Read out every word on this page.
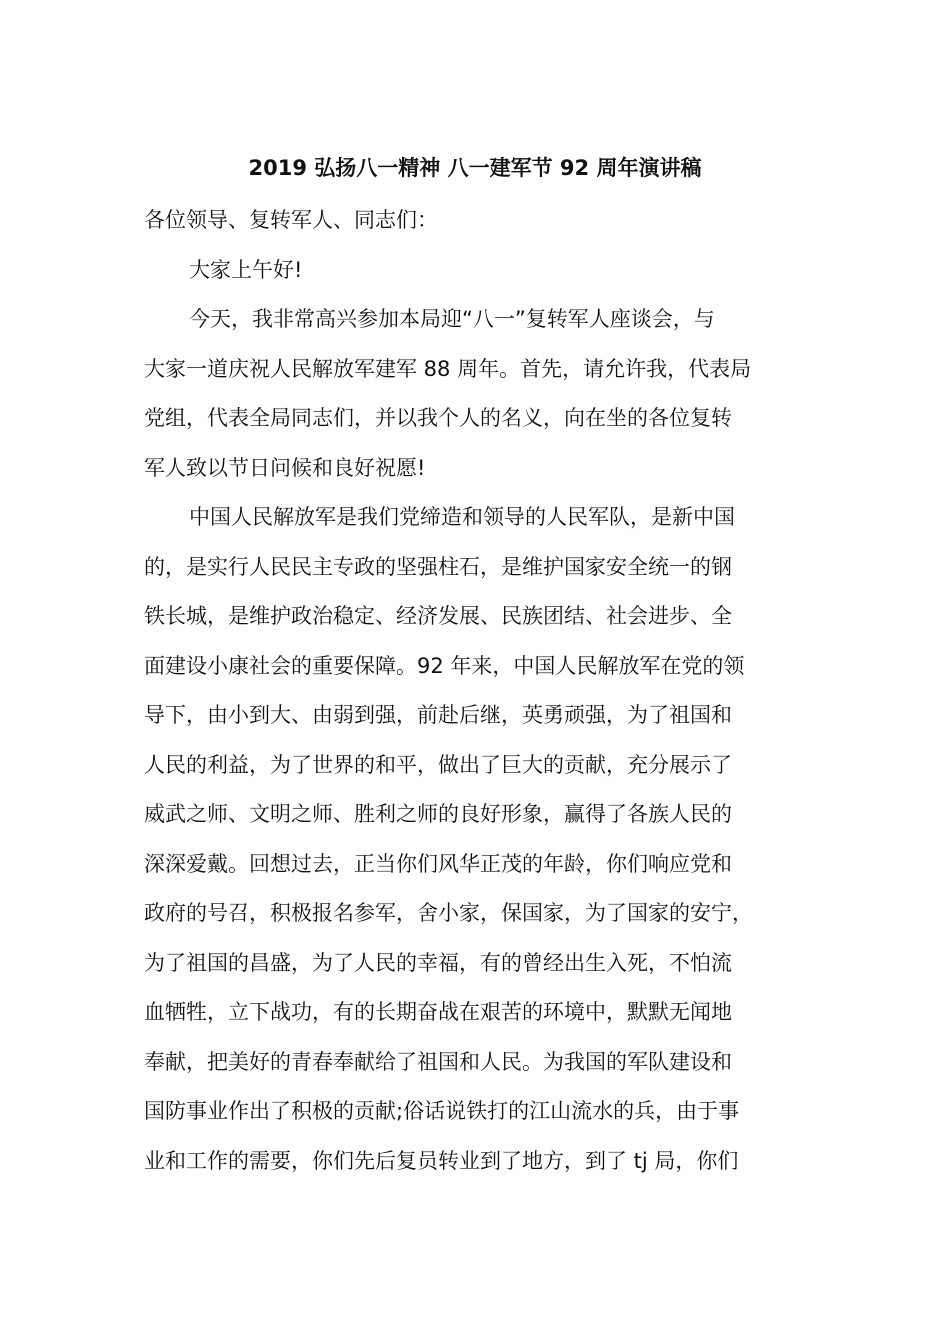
2019 弘扬八一精神 八一建军节 92 周年演讲稿
各位领导、复转军人、同志们：
大家上午好!
今天，我非常高兴参加本局迎“八一”复转军人座谈会，与
大家一道庆祝人民解放军建军 88 周年。首先，请允许我，代表局
党组，代表全局同志们，并以我个人的名义，向在坐的各位复转
军人致以节日问候和良好祝愿!
中国人民解放军是我们党缔造和领导的人民军队，是新中国
的，是实行人民民主专政的坚强柱石，是维护国家安全统一的钢
铁长城，是维护政治稳定、经济发展、民族团结、社会进步、全
面建设小康社会的重要保障。92 年来，中国人民解放军在党的领
导下，由小到大、由弱到强，前赴后继，英勇顽强，为了祖国和
人民的利益，为了世界的和平，做出了巨大的贡献，充分展示了
威武之师、文明之师、胜利之师的良好形象，赢得了各族人民的
深深爱戴。回想过去，正当你们风华正茂的年龄，你们响应党和
政府的号召，积极报名参军，舍小家，保国家，为了国家的安宁，
为了祖国的昌盛，为了人民的幸福，有的曾经出生入死，不怕流
血牺牲，立下战功，有的长期奋战在艰苦的环境中，默默无闻地
奉献，把美好的青春奉献给了祖国和人民。为我国的军队建设和
国防事业作出了积极的贡献;俗话说铁打的江山流水的兵，由于事
业和工作的需要，你们先后复员转业到了地方，到了 tj 局，你们
